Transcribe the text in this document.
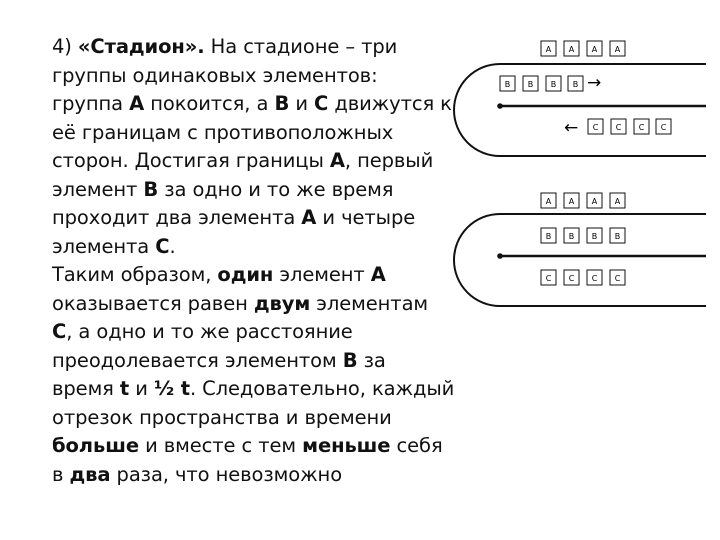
4) «Стадион». На стадионе – три
группы одинаковых элементов:
группа A покоится, а B и C движутся к
её границам с противоположных
сторон. Достигая границы A, первый
элемент B за одно и то же время
проходит два элемента A и четыре
элемента C.
Таким образом, один элемент A
оказывается равен двум элементам
C, а одно и то же расстояние
преодолевается элементом B за
время t и ½ t. Следовательно, каждый
отрезок пространства и времени
больше и вместе с тем меньше себя
в два раза, что невозможно
A A A A
B B B B →
← C C C C
A A A A
B B B B
C C C C
